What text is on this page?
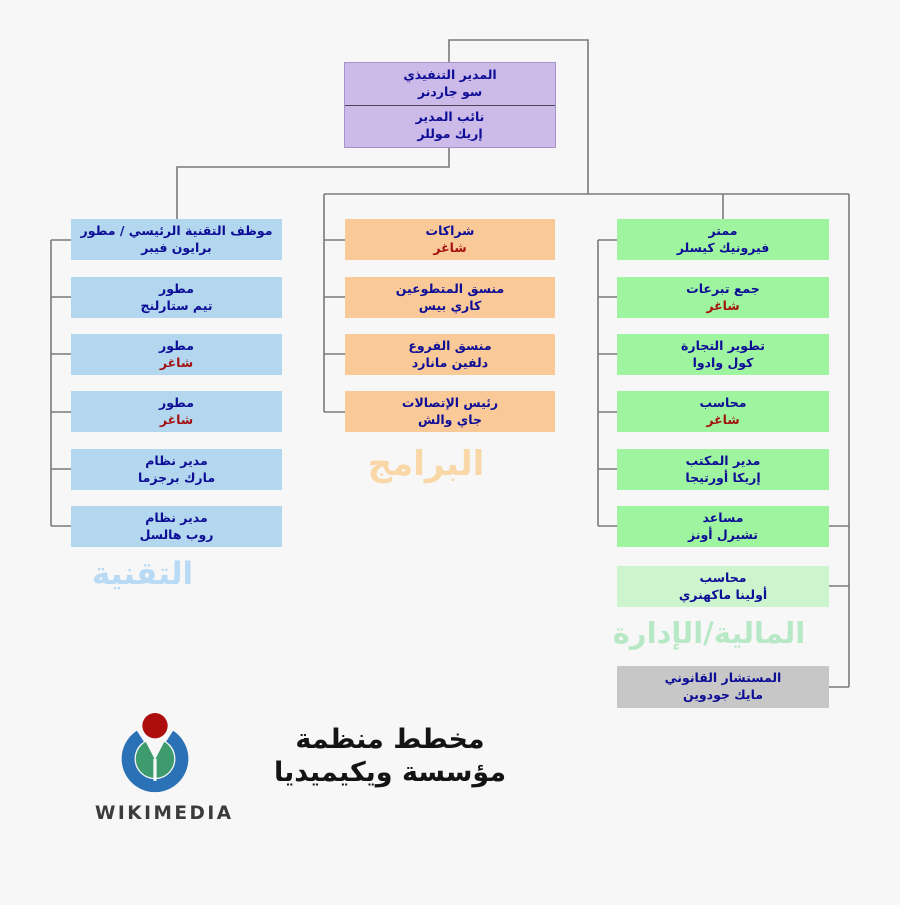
المدير التنفيذي
سو جاردنر
نائب المدير
إريك موللر
موظف التقنية الرئيسي / مطور
برايون فيبر
مطور
تيم ستارلنج
مطور
شاغر
مطور
شاغر
مدير نظام
مارك برجزما
مدير نظام
روب هالسل
التقنية
شراكات
شاغر
منسق المتطوعين
كاري بيس
منسق الفروع
دلفين مانارد
رئيس الإتصالات
جاي والش
البرامج
ممتر
فيرونيك كيسلر
جمع تبرعات
شاغر
تطوير التجارة
كول وادوا
محاسب
شاغر
مدير المكتب
إريكا أورتيجا
مساعد
تشيرل أونز
محاسب
أولينا ماكهنري
المالية/الإدارة
المستشار القانوني
مايك جودوين
WIKIMEDIA
مخطط منظمة
مؤسسة ويكيميديا
